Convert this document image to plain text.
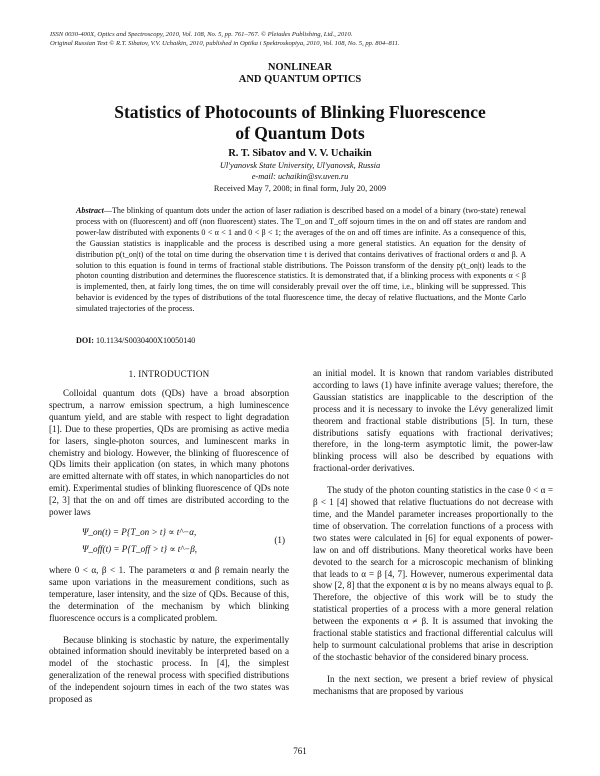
ISSN 0030-400X, Optics and Spectroscopy, 2010, Vol. 108, No. 5, pp. 761–767. © Pleiades Publishing, Ltd., 2010.
Original Russian Text © R.T. Sibatov, V.V. Uchaikin, 2010, published in Optika i Spektroskopiya, 2010, Vol. 108, No. 5, pp. 804–811.
NONLINEAR
AND QUANTUM OPTICS
Statistics of Photocounts of Blinking Fluorescence
of Quantum Dots
R. T. Sibatov and V. V. Uchaikin
Ul'yanovsk State University, Ul'yanovsk, Russia
e-mail: uchaikin@sv.uven.ru
Received May 7, 2008; in final form, July 20, 2009
Abstract—The blinking of quantum dots under the action of laser radiation is described based on a model of a binary (two-state) renewal process with on (fluorescent) and off (non fluorescent) states. The T_on and T_off sojourn times in the on and off states are random and power-law distributed with exponents 0 < α < 1 and 0 < β < 1; the averages of the on and off times are infinite. As a consequence of this, the Gaussian statistics is inapplicable and the process is described using a more general statistics. An equation for the density of distribution p(t_on|t) of the total on time during the observation time t is derived that contains derivatives of fractional orders α and β. A solution to this equation is found in terms of fractional stable distributions. The Poisson transform of the density p(t_on|t) leads to the photon counting distribution and determines the fluorescence statistics. It is demonstrated that, if a blinking process with exponents α < β is implemented, then, at fairly long times, the on time will considerably prevail over the off time, i.e., blinking will be suppressed. This behavior is evidenced by the types of distributions of the total fluorescence time, the decay of relative fluctuations, and the Monte Carlo simulated trajectories of the process.
DOI: 10.1134/S0030400X10050140
1. INTRODUCTION

Colloidal quantum dots (QDs) have a broad absorption spectrum, a narrow emission spectrum, a high luminescence quantum yield, and are stable with respect to light degradation [1]. Due to these properties, QDs are promising as active media for lasers, single-photon sources, and luminescent marks in chemistry and biology. However, the blinking of fluorescence of QDs limits their application (on states, in which many photons are emitted alternate with off states, in which nanoparticles do not emit). Experimental studies of blinking fluorescence of QDs note [2, 3] that the on and off times are distributed according to the power laws

Ψ_on(t) = P{T_on > t} ∝ t^−α,
Ψ_off(t) = P{T_off > t} ∝ t^−β,
(1)

where 0 < α, β < 1. The parameters α and β remain nearly the same upon variations in the measurement conditions, such as temperature, laser intensity, and the size of QDs. Because of this, the determination of the mechanism by which blinking fluorescence occurs is a complicated problem.

Because blinking is stochastic by nature, the experimentally obtained information should inevitably be interpreted based on a model of the stochastic process. In [4], the simplest generalization of the renewal process with specified distributions of the independent sojourn times in each of the two states was proposed as

an initial model. It is known that random variables distributed according to laws (1) have infinite average values; therefore, the Gaussian statistics are inapplicable to the description of the process and it is necessary to invoke the Lévy generalized limit theorem and fractional stable distributions [5]. In turn, these distributions satisfy equations with fractional derivatives; therefore, in the long-term asymptotic limit, the power-law blinking process will also be described by equations with fractional-order derivatives.

The study of the photon counting statistics in the case 0 < α = β < 1 [4] showed that relative fluctuations do not decrease with time, and the Mandel parameter increases proportionally to the time of observation. The correlation functions of a process with two states were calculated in [6] for equal exponents of power-law on and off distributions. Many theoretical works have been devoted to the search for a microscopic mechanism of blinking that leads to α = β [4, 7]. However, numerous experimental data show [2, 8] that the exponent α is by no means always equal to β. Therefore, the objective of this work will be to study the statistical properties of a process with a more general relation between the exponents α ≠ β. It is assumed that invoking the fractional stable statistics and fractional differential calculus will help to surmount calculational problems that arise in description of the stochastic behavior of the considered binary process.

In the next section, we present a brief review of physical mechanisms that are proposed by various

761
